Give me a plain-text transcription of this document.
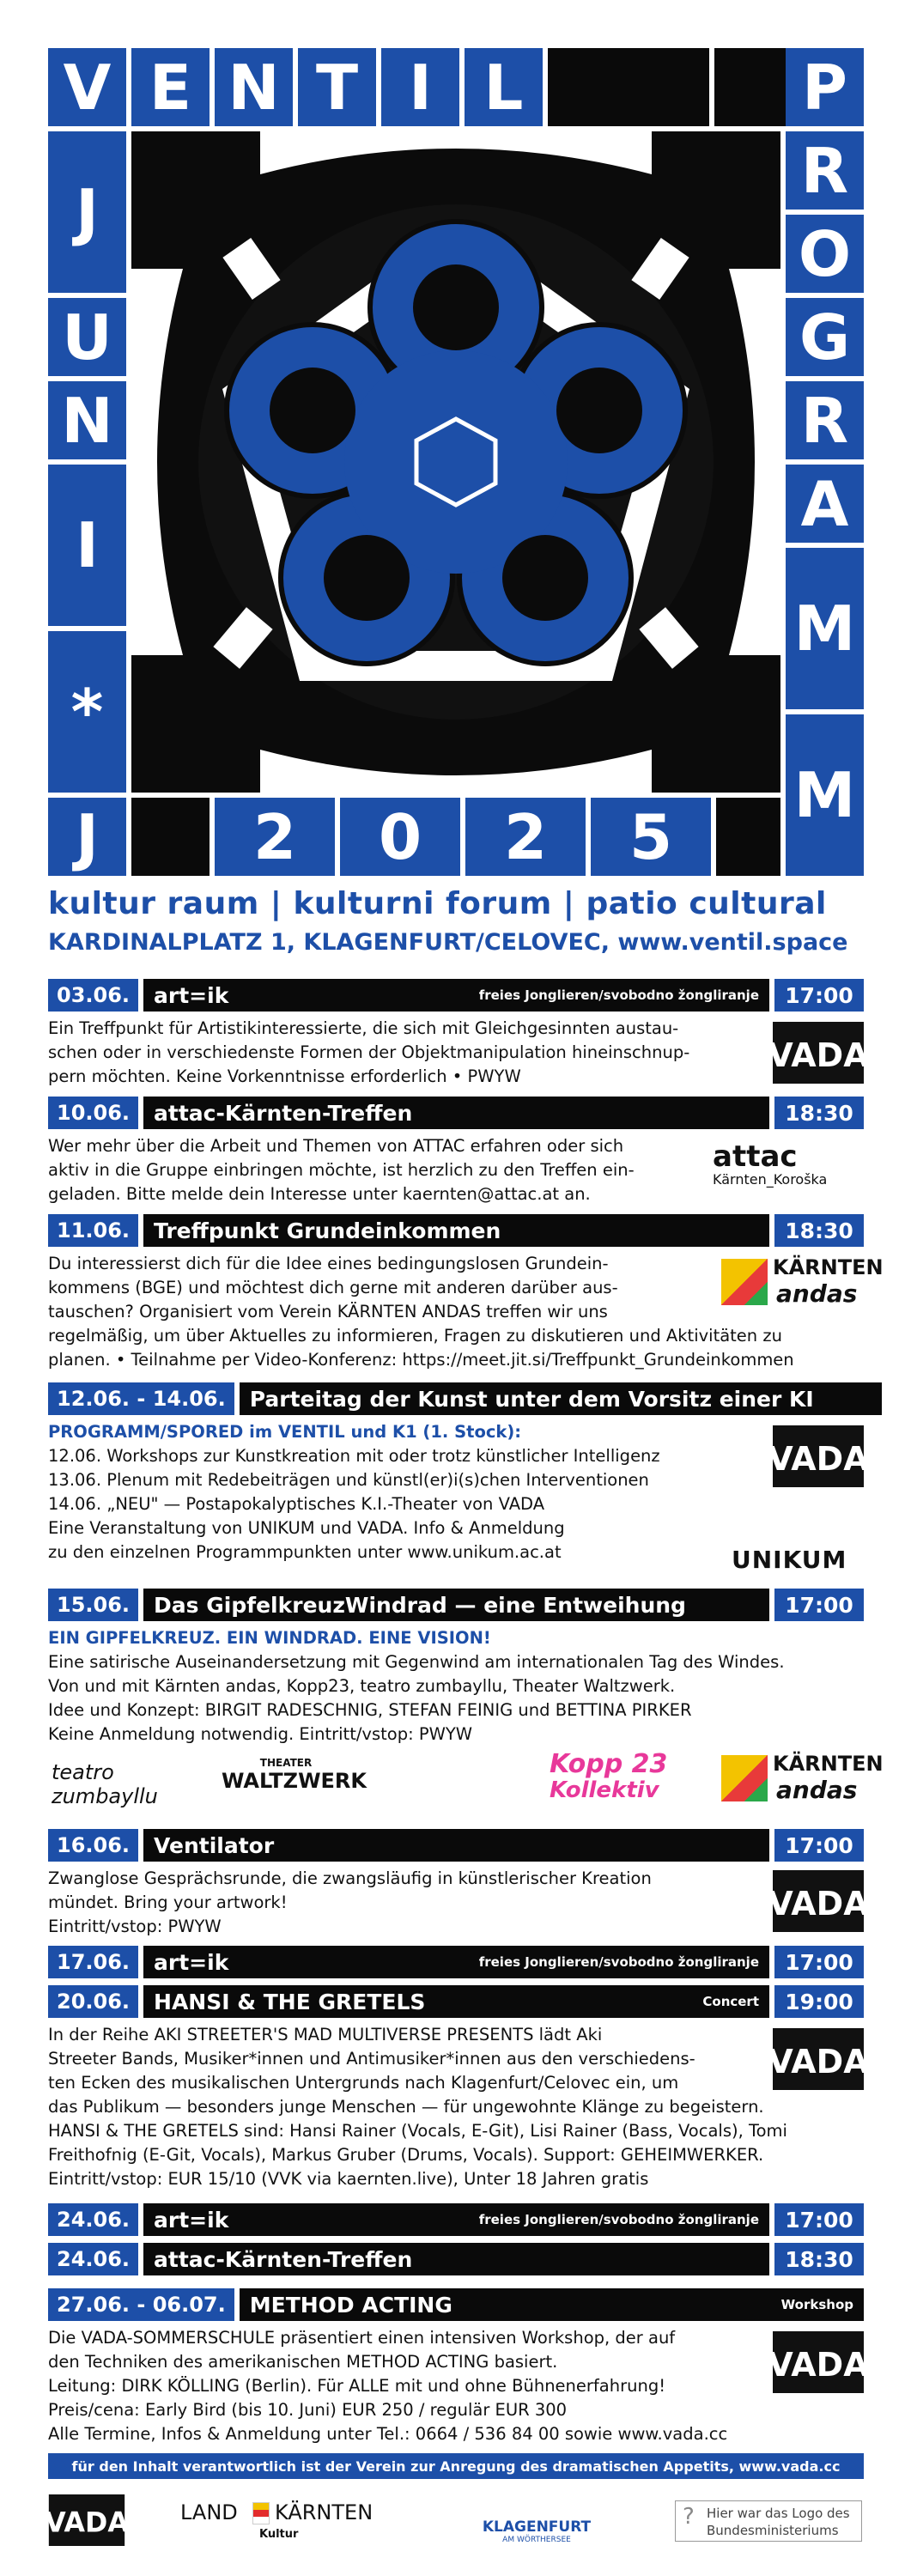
V E N T I L	P
R
O
G
R
A
M
M
J
U
N
I
*
J	2	0	2	5
kultur raum | kulturni forum | patio cultural
KARDINALPLATZ 1, KLAGENFURT/CELOVEC, www.ventil.space
03.06.	art=ik	freies Jonglieren/svobodno žongliranje	17:00
Ein Treffpunkt für Artistikinteressierte, die sich mit Gleichgesinnten austau-
schen oder in verschiedenste Formen der Objektmanipulation hineinschnup-
pern möchten. Keine Vorkenntnisse erforderlich • PWYW
VADA
10.06.	attac-Kärnten-Treffen	18:30
Wer mehr über die Arbeit und Themen von ATTAC erfahren oder sich
aktiv in die Gruppe einbringen möchte, ist herzlich zu den Treffen ein-
geladen. Bitte melde dein Interesse unter kaernten@attac.at an.
attac
Kärnten_Koroška
11.06.	Treffpunkt Grundeinkommen	18:30
Du interessierst dich für die Idee eines bedingungslosen Grundein-
kommens (BGE) und möchtest dich gerne mit anderen darüber aus-
tauschen? Organisiert vom Verein KÄRNTEN ANDAS treffen wir uns
regelmäßig, um über Aktuelles zu informieren, Fragen zu diskutieren und Aktivitäten zu
planen. • Teilnahme per Video-Konferenz: https://meet.jit.si/Treffpunkt_Grundeinkommen
KÄRNTEN
andas
12.06. - 14.06.	Parteitag der Kunst unter dem Vorsitz einer KI
PROGRAMM/SPORED im VENTIL und K1 (1. Stock):
12.06. Workshops zur Kunstkreation mit oder trotz künstlicher Intelligenz
13.06. Plenum mit Redebeiträgen und künstl(er)i(s)chen Interventionen
14.06. „NEU" — Postapokalyptisches K.I.-Theater von VADA
Eine Veranstaltung von UNIKUM und VADA. Info & Anmeldung
zu den einzelnen Programmpunkten unter www.unikum.ac.at
VADA
UNIKUM
15.06.	Das GipfelkreuzWindrad — eine Entweihung	17:00
EIN GIPFELKREUZ. EIN WINDRAD. EINE VISION!
Eine satirische Auseinandersetzung mit Gegenwind am internationalen Tag des Windes.
Von und mit Kärnten andas, Kopp23, teatro zumbayllu, Theater Waltzwerk.
Idee und Konzept: BIRGIT RADESCHNIG, STEFAN FEINIG und BETTINA PIRKER
Keine Anmeldung notwendig. Eintritt/vstop: PWYW
teatro zumbayllu
THEATER
WALTZWERK
Kopp 23
Kollektiv
KÄRNTEN
andas
16.06.	Ventilator	17:00
Zwanglose Gesprächsrunde, die zwangsläufig in künstlerischer Kreation
mündet. Bring your artwork!
Eintritt/vstop: PWYW
VADA
17.06.	art=ik	freies Jonglieren/svobodno žongliranje	17:00
20.06.	HANSI & THE GRETELS	Concert	19:00
In der Reihe AKI STREETER'S MAD MULTIVERSE PRESENTS lädt Aki
Streeter Bands, Musiker*innen und Antimusiker*innen aus den verschiedens-
ten Ecken des musikalischen Untergrunds nach Klagenfurt/Celovec ein, um
das Publikum — besonders junge Menschen — für ungewohnte Klänge zu begeistern.
HANSI & THE GRETELS sind: Hansi Rainer (Vocals, E-Git), Lisi Rainer (Bass, Vocals), Tomi
Freithofnig (E-Git, Vocals), Markus Gruber (Drums, Vocals). Support: GEHEIMWERKER.
Eintritt/vstop: EUR 15/10 (VVK via kaernten.live), Unter 18 Jahren gratis
VADA
24.06.	art=ik	freies Jonglieren/svobodno žongliranje	17:00
24.06.	attac-Kärnten-Treffen	18:30
27.06. - 06.07.	METHOD ACTING	Workshop
Die VADA-SOMMERSCHULE präsentiert einen intensiven Workshop, der auf
den Techniken des amerikanischen METHOD ACTING basiert.
Leitung: DIRK KÖLLING (Berlin). Für ALLE mit und ohne Bühnenerfahrung!
Preis/cena: Early Bird (bis 10. Juni) EUR 250 / regulär EUR 300
Alle Termine, Infos & Anmeldung unter Tel.: 0664 / 536 84 00 sowie www.vada.cc
VADA
für den Inhalt verantwortlich ist der Verein zur Anregung des dramatischen Appetits, www.vada.cc
VADA	LAND KÄRNTEN
Kultur	KLAGENFURT
AM WÖRTHERSEE
? Hier war das Logo des
Bundesministeriums
